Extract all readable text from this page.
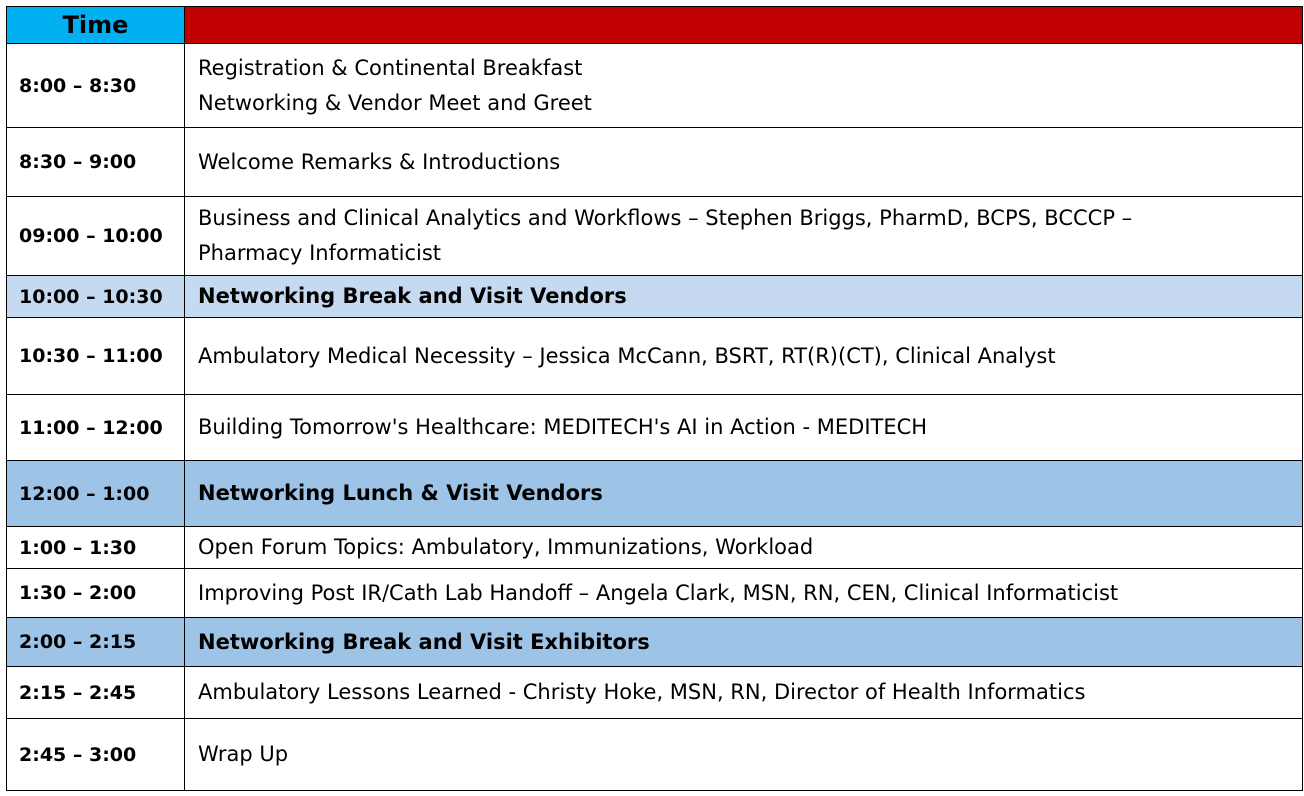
Time	
8:00 – 8:30	Registration & Continental Breakfast
Networking & Vendor Meet and Greet

8:30 – 9:00	Welcome Remarks & Introductions

09:00 – 10:00	Business and Clinical Analytics and Workflows – Stephen Briggs, PharmD, BCPS, BCCCP –
Pharmacy Informaticist

10:00 – 10:30	Networking Break and Visit Vendors

10:30 – 11:00	Ambulatory Medical Necessity – Jessica McCann, BSRT, RT(R)(CT), Clinical Analyst

11:00 – 12:00	Building Tomorrow's Healthcare: MEDITECH's AI in Action - MEDITECH

12:00 – 1:00	Networking Lunch & Visit Vendors

1:00 – 1:30	Open Forum Topics: Ambulatory, Immunizations, Workload

1:30 – 2:00	Improving Post IR/Cath Lab Handoff – Angela Clark, MSN, RN, CEN, Clinical Informaticist

2:00 – 2:15	Networking Break and Visit Exhibitors

2:15 – 2:45	Ambulatory Lessons Learned - Christy Hoke, MSN, RN, Director of Health Informatics

2:45 – 3:00	Wrap Up
